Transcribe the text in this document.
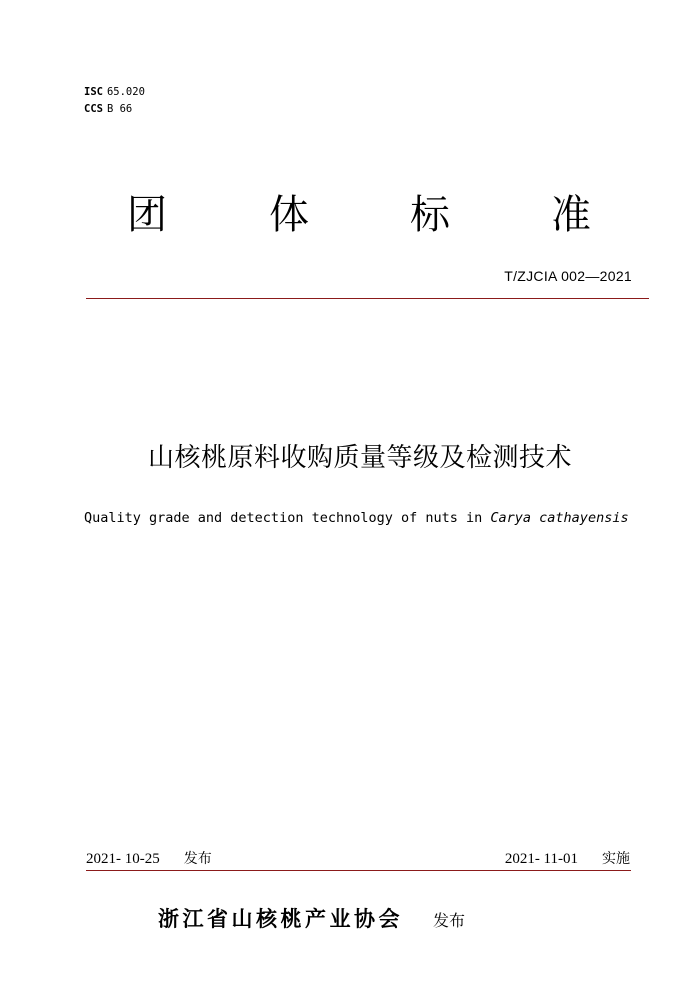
ISC 65.020
CCS B 66
团	体	标	准
T/ZJCIA 002—2021
山核桃原料收购质量等级及检测技术
Quality grade and detection technology of nuts in Carya cathayensis
2021- 10-25 发布	2021- 11-01 实施
浙江省山核桃产业协会 发布
